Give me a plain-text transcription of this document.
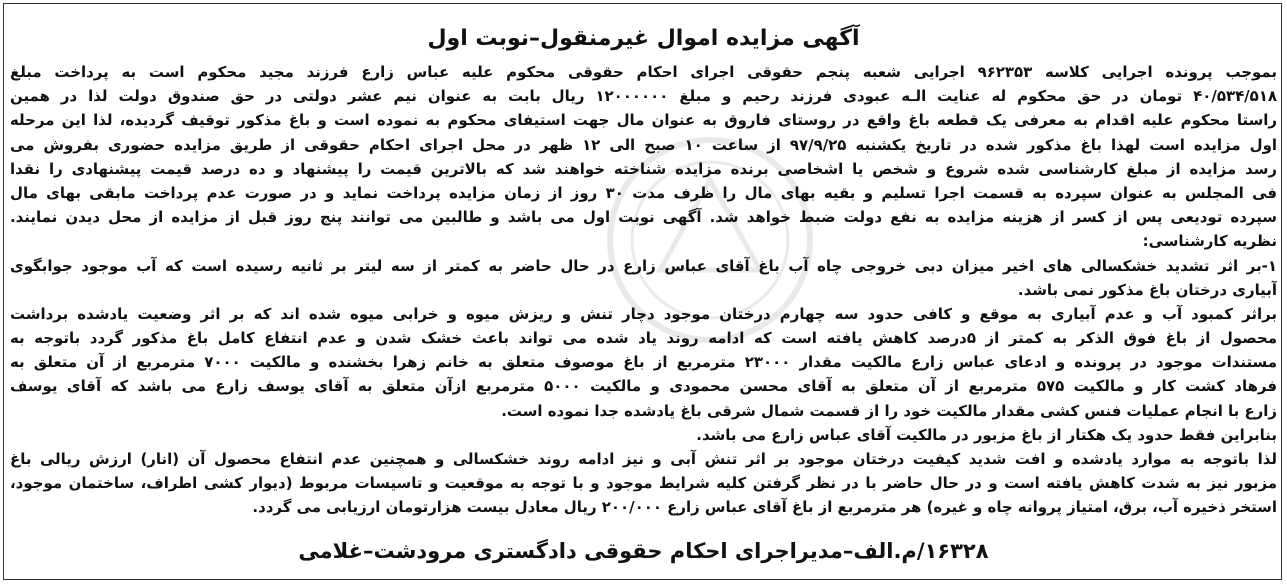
آگهی مزایده اموال غیرمنقول–نوبت اول
بموجب پرونده اجرایی کلاسه ۹۶۲۳۵۳ اجرایی شعبه پنجم حقوقی اجرای احکام حقوقی محکوم علیه عباس زارع فرزند مجید محکوم است به پرداخت مبلغ
۴۰/۵۳۴/۵۱۸ تومان در حق محکوم له عنایت الـه عبودی فرزند رحیم و مبلغ ۱۲۰۰۰۰۰۰ ریال بابت به عنوان نیم عشر دولتی در حق صندوق دولت لذا در همین
راستا محکوم علیه اقدام به معرفی یک قطعه باغ واقع در روستای فاروق به عنوان مال جهت استیفای محکوم به نموده است و باغ مذکور توقیف گردیده، لذا این مرحله
اول مزایده است لهذا باغ مذکور شده در تاریخ یکشنبه ۹۷/۹/۲۵ از ساعت ۱۰ صبح الی ۱۲ ظهر در محل اجرای احکام حقوقی از طریق مزایده حضوری بفروش می
رسد مزایده از مبلغ کارشناسی شده شروع و شخص یا اشخاصی برنده مزایده شناخته خواهند شد که بالاترین قیمت را پیشنهاد و ده درصد قیمت پیشنهادی را نقدا
فی المجلس به عنوان سپرده به قسمت اجرا تسلیم و بقیه بهای مال را ظرف مدت ۳۰ روز از زمان مزایده پرداخت نماید و در صورت عدم پرداخت مابقی بهای مال
سپرده تودیعی پس از کسر از هزینه مزایده به نفع دولت ضبط خواهد شد. آگهی نوبت اول می باشد و طالبین می توانند پنج روز قبل از مزایده از محل دیدن نمایند.
نظریه کارشناسی:
۱-بر اثر تشدید خشکسالی های اخیر میزان دبی خروجی چاه آب باغ آقای عباس زارع در حال حاضر به کمتر از سه لیتر بر ثانیه رسیده است که آب موجود جوابگوی
آبیاری درختان باغ مذکور نمی باشد.
براثر کمبود آب و عدم آبیاری به موقع و کافی حدود سه چهارم درختان موجود دچار تنش و ریزش میوه و خرابی میوه شده اند که بر اثر وضعیت یادشده برداشت
محصول از باغ فوق الذکر به کمتر از ۵درصد کاهش یافته است که ادامه روند یاد شده می تواند باعث خشک شدن و عدم انتفاع کامل باغ مذکور گردد باتوجه به
مستندات موجود در پرونده و ادعای عباس زارع مالکیت مقدار ۲۳۰۰۰ مترمربع از باغ موصوف متعلق به خانم زهرا بخشنده و مالکیت ۷۰۰۰ مترمربع از آن متعلق به
فرهاد کشت کار و مالکیت ۵۷۵ مترمربع از آن متعلق به آقای محسن محمودی و مالکیت ۵۰۰۰ مترمربع ازآن متعلق به آقای یوسف زارع می باشد که آقای یوسف
زارع با انجام عملیات فنس کشی مقدار مالکیت خود را از قسمت شمال شرقی باغ یادشده جدا نموده است.
بنابراین فقط حدود یک هکتار از باغ مزبور در مالکیت آقای عباس زارع می باشد.
لذا باتوجه به موارد یادشده و افت شدید کیفیت درختان موجود بر اثر تنش آبی و نیز ادامه روند خشکسالی و همچنین عدم انتفاع محصول آن (انار) ارزش ریالی باغ
مزبور نیز به شدت کاهش یافته است و در حال حاضر با در نظر گرفتن کلیه شرایط موجود و با توجه به موقعیت و تاسیسات مربوط (دیوار کشی اطراف، ساختمان موجود،
استخر ذخیره آب، برق، امتیاز پروانه چاه و غیره) هر مترمربع از باغ آقای عباس زارع ۲۰۰/۰۰۰ ریال معادل بیست هزارتومان ارزیابی می گردد.
۱۶۳۲۸/م.الف–مدیراجرای احکام حقوقی دادگستری مرودشت–غلامی
